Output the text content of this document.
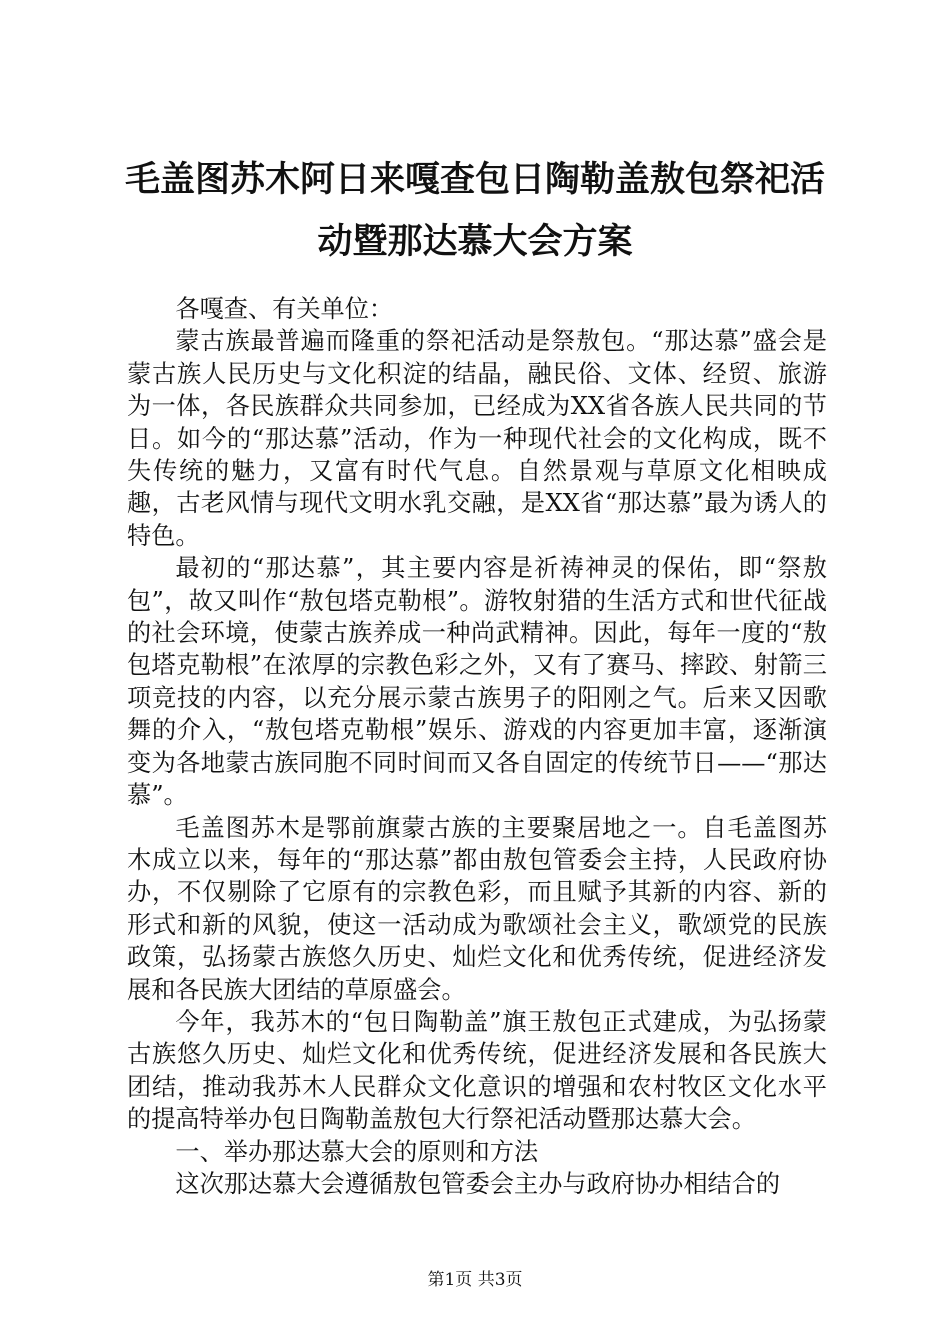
毛盖图苏木阿日来嘎查包日陶勒盖敖包祭祀活
动暨那达慕大会方案

各嘎查、有关单位：

蒙古族最普遍而隆重的祭祀活动是祭敖包。“那达慕”盛会是蒙古族人民历史与文化积淀的结晶，融民俗、文体、经贸、旅游为一体，各民族群众共同参加，已经成为XX省各族人民共同的节日。如今的“那达慕”活动，作为一种现代社会的文化构成，既不失传统的魅力，又富有时代气息。自然景观与草原文化相映成趣，古老风情与现代文明水乳交融，是XX省“那达慕”最为诱人的特色。

最初的“那达慕”，其主要内容是祈祷神灵的保佑，即“祭敖包”，故又叫作“敖包塔克勒根”。游牧射猎的生活方式和世代征战的社会环境，使蒙古族养成一种尚武精神。因此，每年一度的“敖包塔克勒根”在浓厚的宗教色彩之外，又有了赛马、摔跤、射箭三项竞技的内容，以充分展示蒙古族男子的阳刚之气。后来又因歌舞的介入，“敖包塔克勒根”娱乐、游戏的内容更加丰富，逐渐演变为各地蒙古族同胞不同时间而又各自固定的传统节日——“那达慕”。

毛盖图苏木是鄂前旗蒙古族的主要聚居地之一。自毛盖图苏木成立以来，每年的“那达慕”都由敖包管委会主持，人民政府协办，不仅剔除了它原有的宗教色彩，而且赋予其新的内容、新的形式和新的风貌，使这一活动成为歌颂社会主义，歌颂党的民族政策，弘扬蒙古族悠久历史、灿烂文化和优秀传统，促进经济发展和各民族大团结的草原盛会。

今年，我苏木的“包日陶勒盖”旗王敖包正式建成，为弘扬蒙古族悠久历史、灿烂文化和优秀传统，促进经济发展和各民族大团结，推动我苏木人民群众文化意识的增强和农村牧区文化水平的提高特举办包日陶勒盖敖包大行祭祀活动暨那达慕大会。

一、举办那达慕大会的原则和方法

这次那达慕大会遵循敖包管委会主办与政府协办相结合的

第1页 共3页
